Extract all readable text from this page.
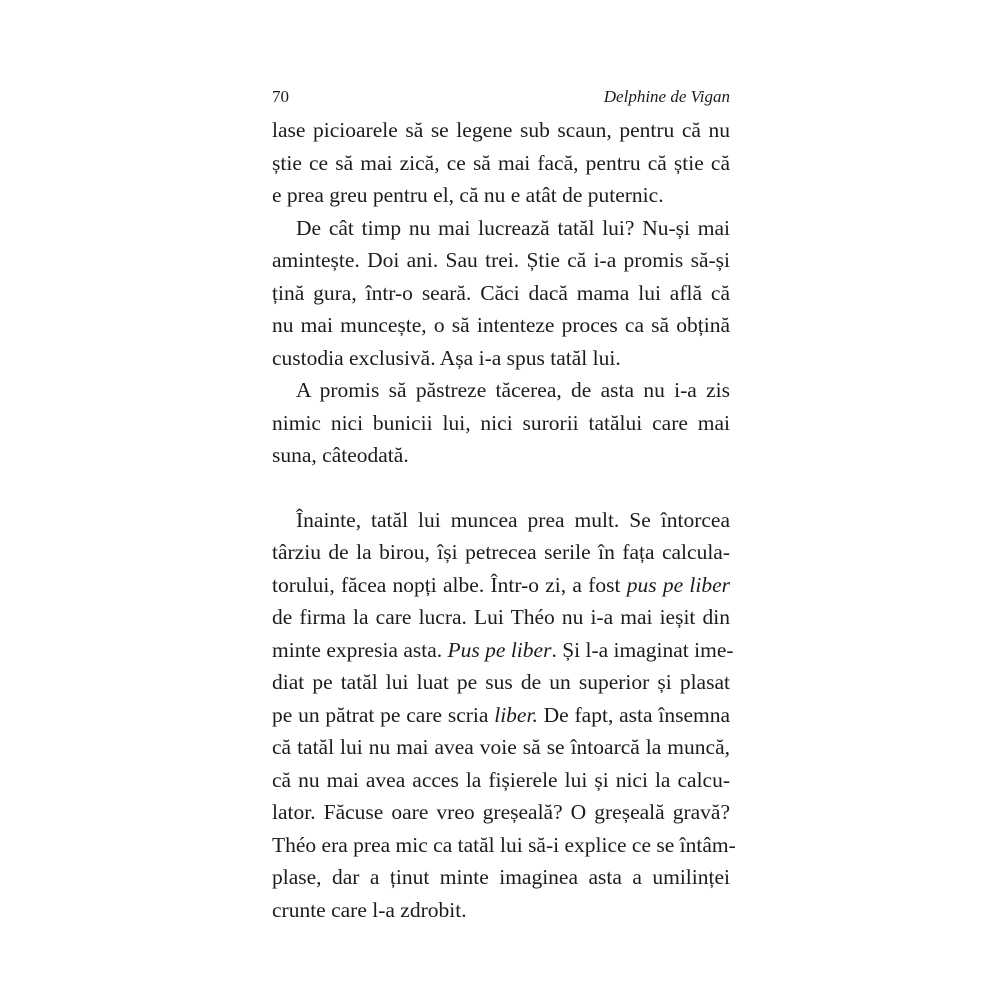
70	Delphine de Vigan
lase picioarele să se legene sub scaun, pentru că nu
știe ce să mai zică, ce să mai facă, pentru că știe că
e prea greu pentru el, că nu e atât de puternic.
De cât timp nu mai lucrează tatăl lui? Nu-și mai
amintește. Doi ani. Sau trei. Știe că i-a promis să-și
țină gura, într-o seară. Căci dacă mama lui află că
nu mai muncește, o să intenteze proces ca să obțină
custodia exclusivă. Așa i-a spus tatăl lui.
A promis să păstreze tăcerea, de asta nu i-a zis
nimic nici bunicii lui, nici surorii tatălui care mai
suna, câteodată.
Înainte, tatăl lui muncea prea mult. Se întorcea
târziu de la birou, își petrecea serile în fața calcula-
torului, făcea nopți albe. Într-o zi, a fost pus pe liber
de firma la care lucra. Lui Théo nu i-a mai ieșit din
minte expresia asta. Pus pe liber. Și l-a imaginat ime-
diat pe tatăl lui luat pe sus de un superior și plasat
pe un pătrat pe care scria liber. De fapt, asta însemna
că tatăl lui nu mai avea voie să se întoarcă la muncă,
că nu mai avea acces la fișierele lui și nici la calcu-
lator. Făcuse oare vreo greșeală? O greșeală gravă?
Théo era prea mic ca tatăl lui să-i explice ce se întâm-
plase, dar a ținut minte imaginea asta a umilinței
crunte care l-a zdrobit.
